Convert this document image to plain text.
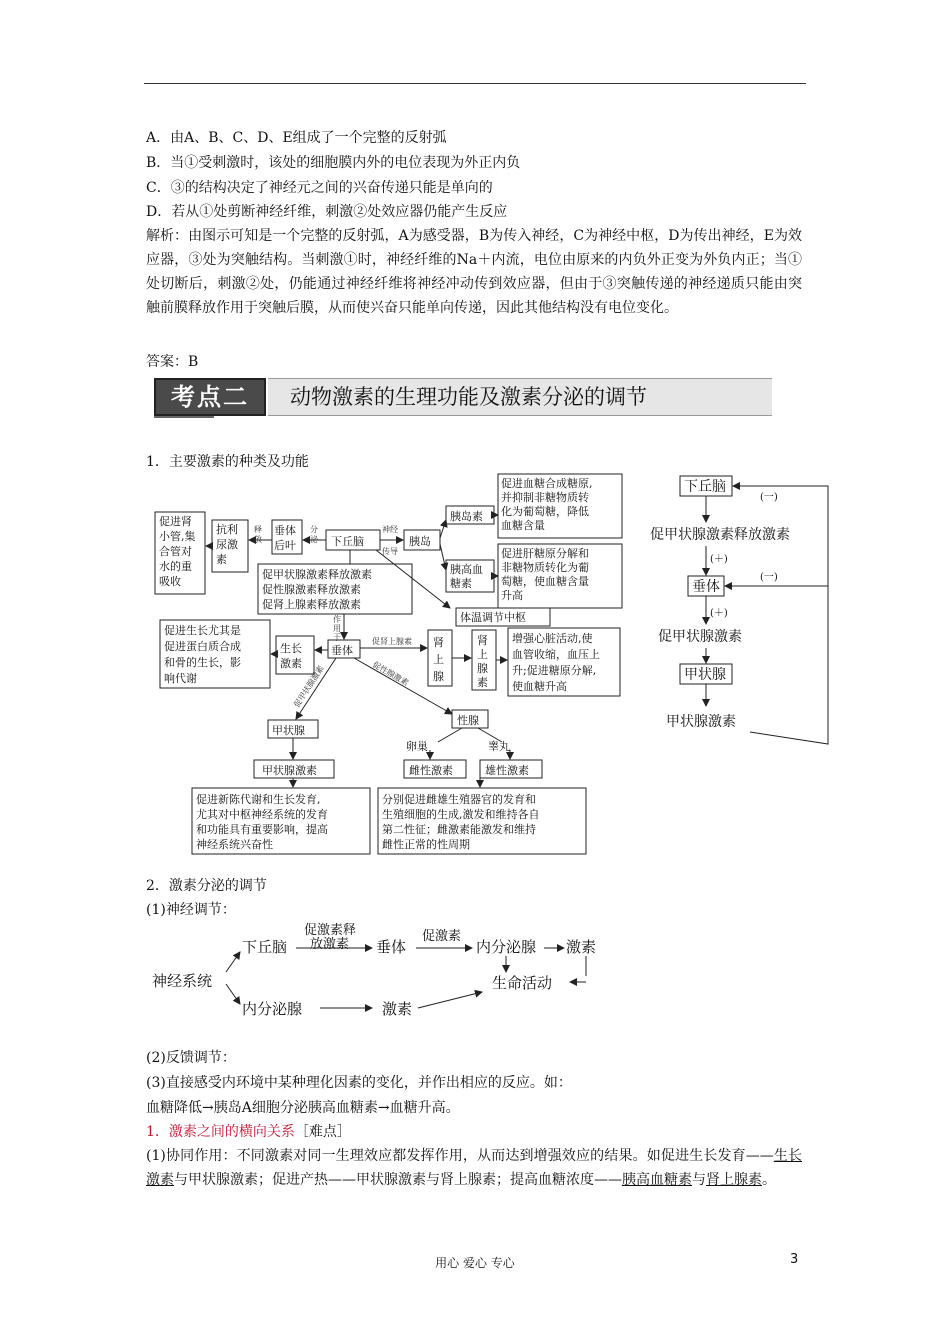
A．由A、B、C、D、E组成了一个完整的反射弧
B．当①受刺激时，该处的细胞膜内外的电位表现为外正内负
C．③的结构决定了神经元之间的兴奋传递只能是单向的
D．若从①处剪断神经纤维，刺激②处效应器仍能产生反应
解析：由图示可知是一个完整的反射弧，A为感受器，B为传入神经，C为神经中枢，D为传出神经，E为效应器，③处为突触结构。当刺激①时，神经纤维的Na＋内流，电位由原来的内负外正变为外负内正；当①处切断后，刺激②处，仍能通过神经纤维将神经冲动传到效应器，但由于③突触传递的神经递质只能由突触前膜释放作用于突触后膜，从而使兴奋只能单向传递，因此其他结构没有电位变化。
答案：B
考点二	动物激素的生理功能及激素分泌的调节
1．主要激素的种类及功能
促进肾
小管,集
合管对
水的重
吸收
抗利
尿激
素
垂体
后叶	下丘脑	胰岛
胰岛素
促进血糖合成糖原,
并抑制非糖物质转
化为葡萄糖，降低
血糖含量
胰高血
糖素
促进肝糖原分解和
非糖物质转化为葡
萄糖，使血糖含量
升高
促甲状腺激素释放激素
促性腺激素释放激素
促肾上腺素释放激素
体温调节中枢
促进生长尤其是
促进蛋白质合成
和骨的生长，影
响代谢
生长
激素
垂体
肾
上
腺
肾
上
腺
素
增强心脏活动,使
血管收缩，血压上
升;促进糖原分解,
使血糖升高
性腺
卵巢	睾丸
甲状腺
甲状腺激素	雌性激素	雄性激素
促进新陈代谢和生长发育,
尤其对中枢神经系统的发育
和功能具有重要影响，提高
神经系统兴奋性
分别促进雌雄生殖器官的发育和
生殖细胞的生成,激发和维持各自
第二性征；雌激素能激发和维持
雌性正常的性周期
释
放
分
泌
神经
传导
作
用
于	促肾上腺素
促甲状腺激素	促性腺激素
下丘脑
促甲状腺激素释放激素
垂体
促甲状腺激素
甲状腺
甲状腺激素
(一)
(＋)
(一)
(＋)
2．激素分泌的调节
(1)神经调节：
神经系统
下丘脑	垂体	内分泌腺 激素
生命活动
内分泌腺	激素
促激素释
放激素
促激素
(2)反馈调节：
(3)直接感受内环境中某种理化因素的变化，并作出相应的反应。如：
血糖降低→胰岛A细胞分泌胰高血糖素→血糖升高。
1．激素之间的横向关系［难点］
(1)协同作用：不同激素对同一生理效应都发挥作用，从而达到增强效应的结果。如促进生长发育——生长激素与甲状腺激素；促进产热——甲状腺激素与肾上腺素；提高血糖浓度——胰高血糖素与肾上腺素。
用心 爱心 专心	3
